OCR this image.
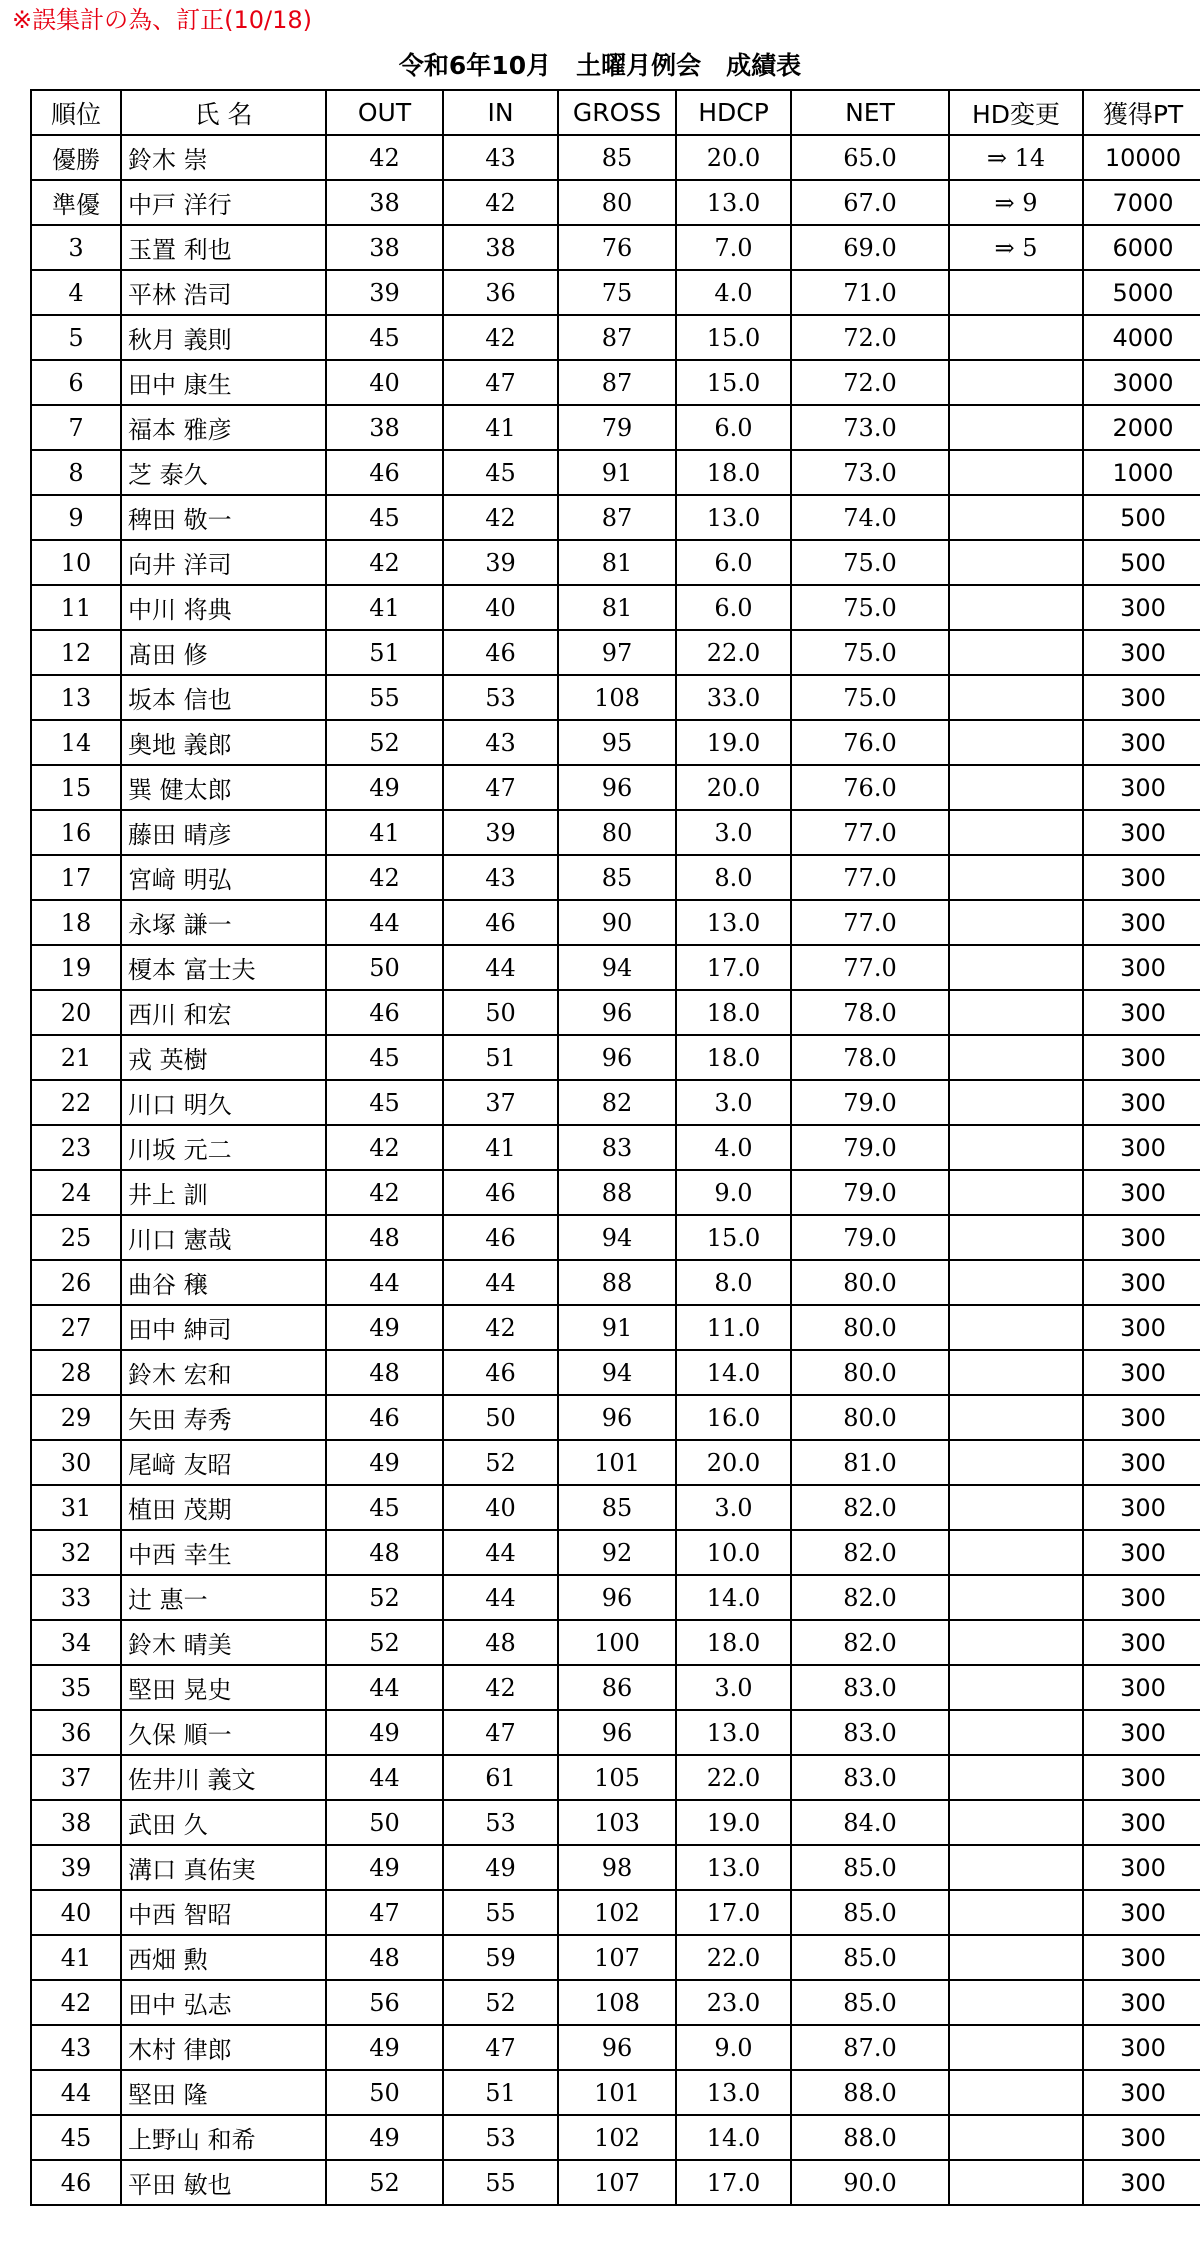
※誤集計の為、訂正(10/18)
令和6年10月　土曜月例会　成績表
順位	氏 名	OUT	IN	GROSS	HDCP	NET	HD変更	獲得PT
優勝	鈴木 崇	42	43	85	20.0	65.0	⇒ 14	10000
準優	中戸 洋行	38	42	80	13.0	67.0	⇒ 9	7000
3	玉置 利也	38	38	76	7.0	69.0	⇒ 5	6000
4	平林 浩司	39	36	75	4.0	71.0		5000
5	秋月 義則	45	42	87	15.0	72.0		4000
6	田中 康生	40	47	87	15.0	72.0		3000
7	福本 雅彦	38	41	79	6.0	73.0		2000
8	芝 泰久	46	45	91	18.0	73.0		1000
9	稗田 敬一	45	42	87	13.0	74.0		500
10	向井 洋司	42	39	81	6.0	75.0		500
11	中川 将典	41	40	81	6.0	75.0		300
12	髙田 修	51	46	97	22.0	75.0		300
13	坂本 信也	55	53	108	33.0	75.0		300
14	奥地 義郎	52	43	95	19.0	76.0		300
15	巽 健太郎	49	47	96	20.0	76.0		300
16	藤田 晴彦	41	39	80	3.0	77.0		300
17	宮﨑 明弘	42	43	85	8.0	77.0		300
18	永塚 謙一	44	46	90	13.0	77.0		300
19	榎本 富士夫	50	44	94	17.0	77.0		300
20	西川 和宏	46	50	96	18.0	78.0		300
21	戎 英樹	45	51	96	18.0	78.0		300
22	川口 明久	45	37	82	3.0	79.0		300
23	川坂 元二	42	41	83	4.0	79.0		300
24	井上 訓	42	46	88	9.0	79.0		300
25	川口 憲哉	48	46	94	15.0	79.0		300
26	曲谷 穣	44	44	88	8.0	80.0		300
27	田中 紳司	49	42	91	11.0	80.0		300
28	鈴木 宏和	48	46	94	14.0	80.0		300
29	矢田 寿秀	46	50	96	16.0	80.0		300
30	尾﨑 友昭	49	52	101	20.0	81.0		300
31	植田 茂期	45	40	85	3.0	82.0		300
32	中西 幸生	48	44	92	10.0	82.0		300
33	辻 惠一	52	44	96	14.0	82.0		300
34	鈴木 晴美	52	48	100	18.0	82.0		300
35	堅田 晃史	44	42	86	3.0	83.0		300
36	久保 順一	49	47	96	13.0	83.0		300
37	佐井川 義文	44	61	105	22.0	83.0		300
38	武田 久	50	53	103	19.0	84.0		300
39	溝口 真佑実	49	49	98	13.0	85.0		300
40	中西 智昭	47	55	102	17.0	85.0		300
41	西畑 勲	48	59	107	22.0	85.0		300
42	田中 弘志	56	52	108	23.0	85.0		300
43	木村 律郎	49	47	96	9.0	87.0		300
44	堅田 隆	50	51	101	13.0	88.0		300
45	上野山 和希	49	53	102	14.0	88.0		300
46	平田 敏也	52	55	107	17.0	90.0		300
